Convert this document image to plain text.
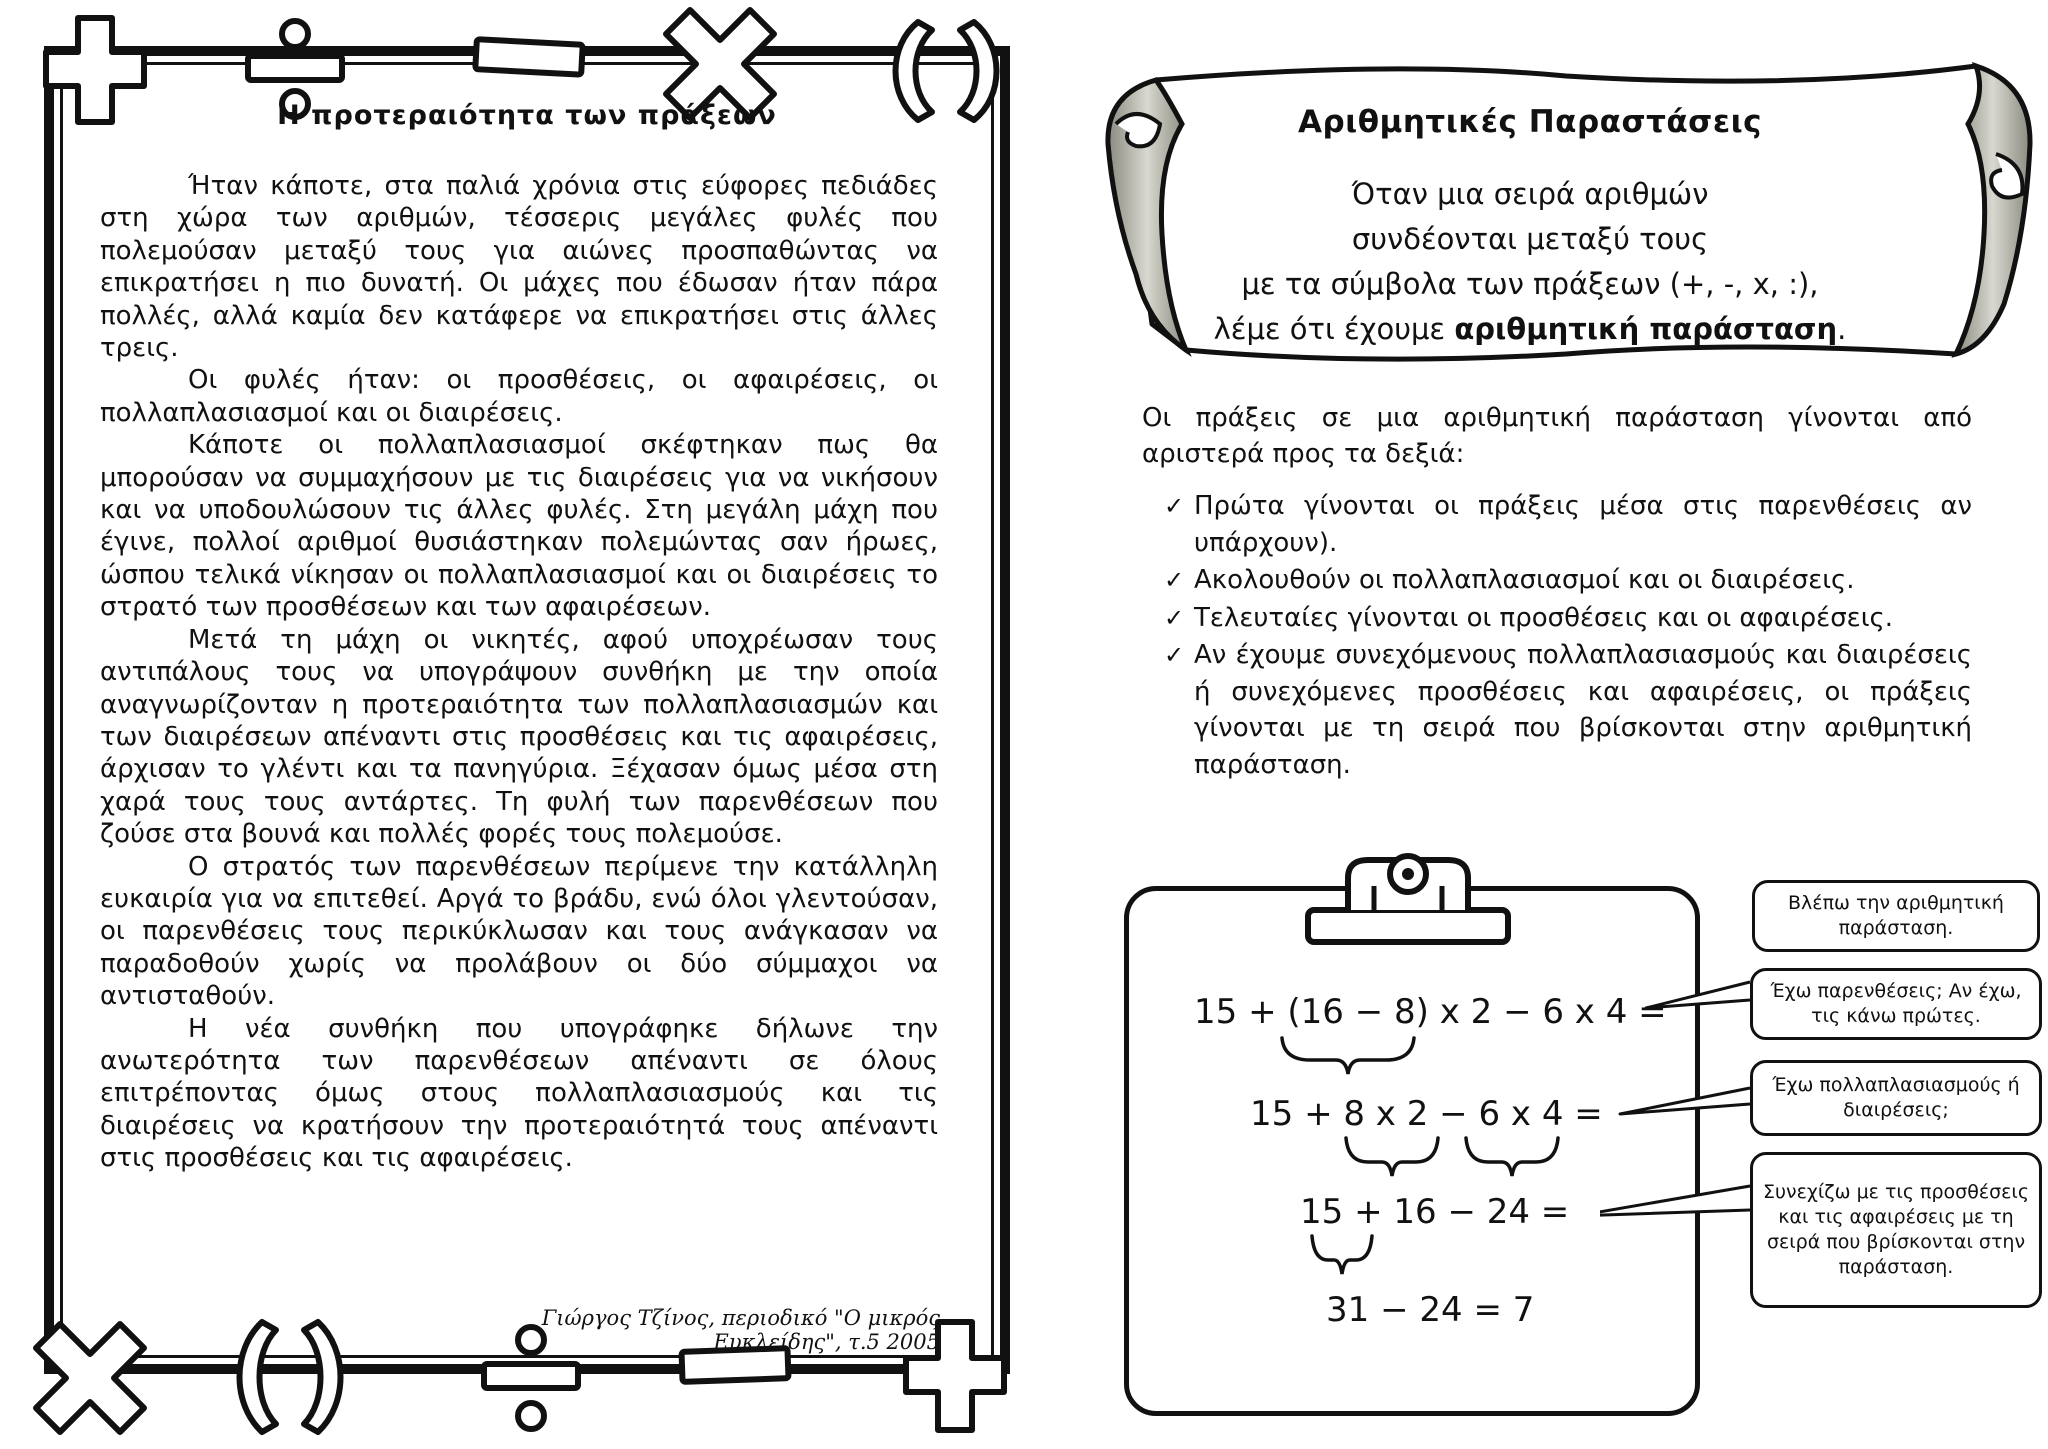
Η προτεραιότητα των πράξεων

Ήταν κάποτε, στα παλιά χρόνια στις εύφορες πεδιάδες στη χώρα των αριθμών, τέσσερις μεγάλες φυλές που πολεμούσαν μεταξύ τους για αιώνες προσπαθώντας να επικρατήσει η πιο δυνατή. Οι μάχες που έδωσαν ήταν πάρα πολλές, αλλά καμία δεν κατάφερε να επικρατήσει στις άλλες τρεις.

Οι φυλές ήταν: οι προσθέσεις, οι αφαιρέσεις, οι πολλαπλασιασμοί και οι διαιρέσεις.

Κάποτε οι πολλαπλασιασμοί σκέφτηκαν πως θα μπορούσαν να συμμαχήσουν με τις διαιρέσεις για να νικήσουν και να υποδουλώσουν τις άλλες φυλές. Στη μεγάλη μάχη που έγινε, πολλοί αριθμοί θυσιάστηκαν πολεμώντας σαν ήρωες, ώσπου τελικά νίκησαν οι πολλαπλασιασμοί και οι διαιρέσεις το στρατό των προσθέσεων και των αφαιρέσεων.

Μετά τη μάχη οι νικητές, αφού υποχρέωσαν τους αντιπάλους τους να υπογράψουν συνθήκη με την οποία αναγνωρίζονταν η προτεραιότητα των πολλαπλασιασμών και των διαιρέσεων απέναντι στις προσθέσεις και τις αφαιρέσεις, άρχισαν το γλέντι και τα πανηγύρια. Ξέχασαν όμως μέσα στη χαρά τους τους αντάρτες. Τη φυλή των παρενθέσεων που ζούσε στα βουνά και πολλές φορές τους πολεμούσε.

Ο στρατός των παρενθέσεων περίμενε την κατάλληλη ευκαιρία για να επιτεθεί. Αργά το βράδυ, ενώ όλοι γλεντούσαν, οι παρενθέσεις τους περικύκλωσαν και τους ανάγκασαν να παραδοθούν χωρίς να προλάβουν οι δύο σύμμαχοι να αντισταθούν.

Η νέα συνθήκη που υπογράφηκε δήλωνε την ανωτερότητα των παρενθέσεων απέναντι σε όλους επιτρέποντας όμως στους πολλαπλασιασμούς και τις διαιρέσεις να κρατήσουν την προτεραιότητά τους απέναντι στις προσθέσεις και τις αφαιρέσεις.

Γιώργος Τζίνος, περιοδικό "Ο μικρός Ευκλείδης", τ.5 2005
Αριθμητικές Παραστάσεις
Όταν μια σειρά αριθμών
συνδέονται μεταξύ τους
με τα σύμβολα των πράξεων (+, -, x, :),
λέμε ότι έχουμε αριθμητική παράσταση.
Οι πράξεις σε μια αριθμητική παράσταση γίνονται από αριστερά προς τα δεξιά:
✓ Πρώτα γίνονται οι πράξεις μέσα στις παρενθέσεις αν υπάρχουν).
✓ Ακολουθούν οι πολλαπλασιασμοί και οι διαιρέσεις.
✓ Τελευταίες γίνονται οι προσθέσεις και οι αφαιρέσεις.
✓ Αν έχουμε συνεχόμενους πολλαπλασιασμούς και διαιρέσεις ή συνεχόμενες προσθέσεις και αφαιρέσεις, οι πράξεις γίνονται με τη σειρά που βρίσκονται στην αριθμητική παράσταση.
15 + (16 − 8) x 2 − 6 x 4 =
15 + 8 x 2 − 6 x 4 =
15 + 16 − 24 =
31 − 24 = 7
Βλέπω την αριθμητική παράσταση.
Έχω παρενθέσεις; Αν έχω, τις κάνω πρώτες.
Έχω πολλαπλασιασμούς ή διαιρέσεις;
Συνεχίζω με τις προσθέσεις και τις αφαιρέσεις με τη σειρά που βρίσκονται στην παράσταση.
